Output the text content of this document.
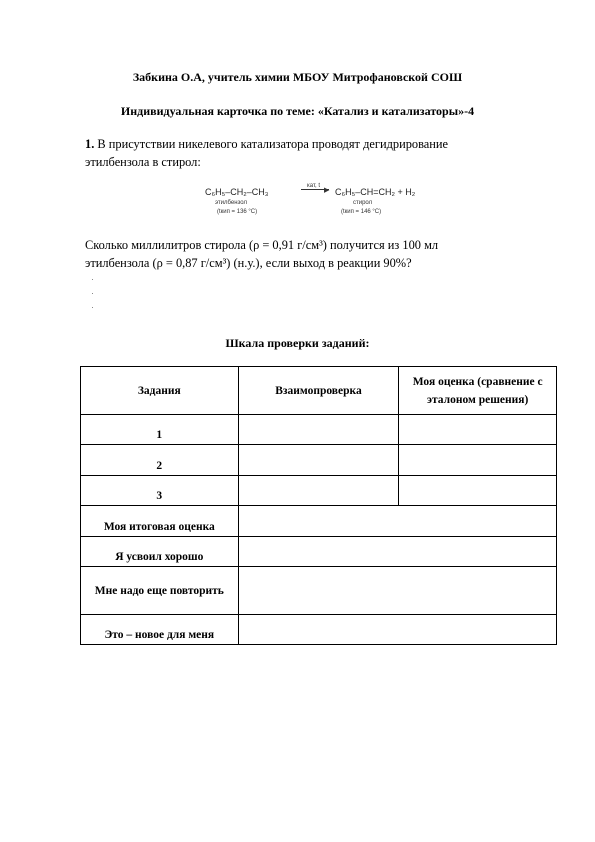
Забкина О.А, учитель химии МБОУ Митрофановской СОШ
Индивидуальная карточка по теме: «Катализ и катализаторы»-4
1. В присутствии никелевого катализатора проводят дегидрирование
этилбензола в стирол:
C₆H₅–CH₂–CH₃
кат, t ▶ C₆H₅–CH=CH₂ + H₂
этилбензол
(tкип = 136 °C)
стирол
(tкип = 146 °C)
Сколько миллилитров стирола (ρ = 0,91 г/см³) получится из 100 мл
этилбензола (ρ = 0,87 г/см³) (н.у.), если выход в реакции 90%?
Шкала проверки заданий:
Задания	Взаимопроверка	Моя оценка (сравнение с эталоном решения)
1		
2		
3		
Моя итоговая оценка		
Я усвоил хорошо		
Мне надо еще повторить		
Это – новое для меня		
